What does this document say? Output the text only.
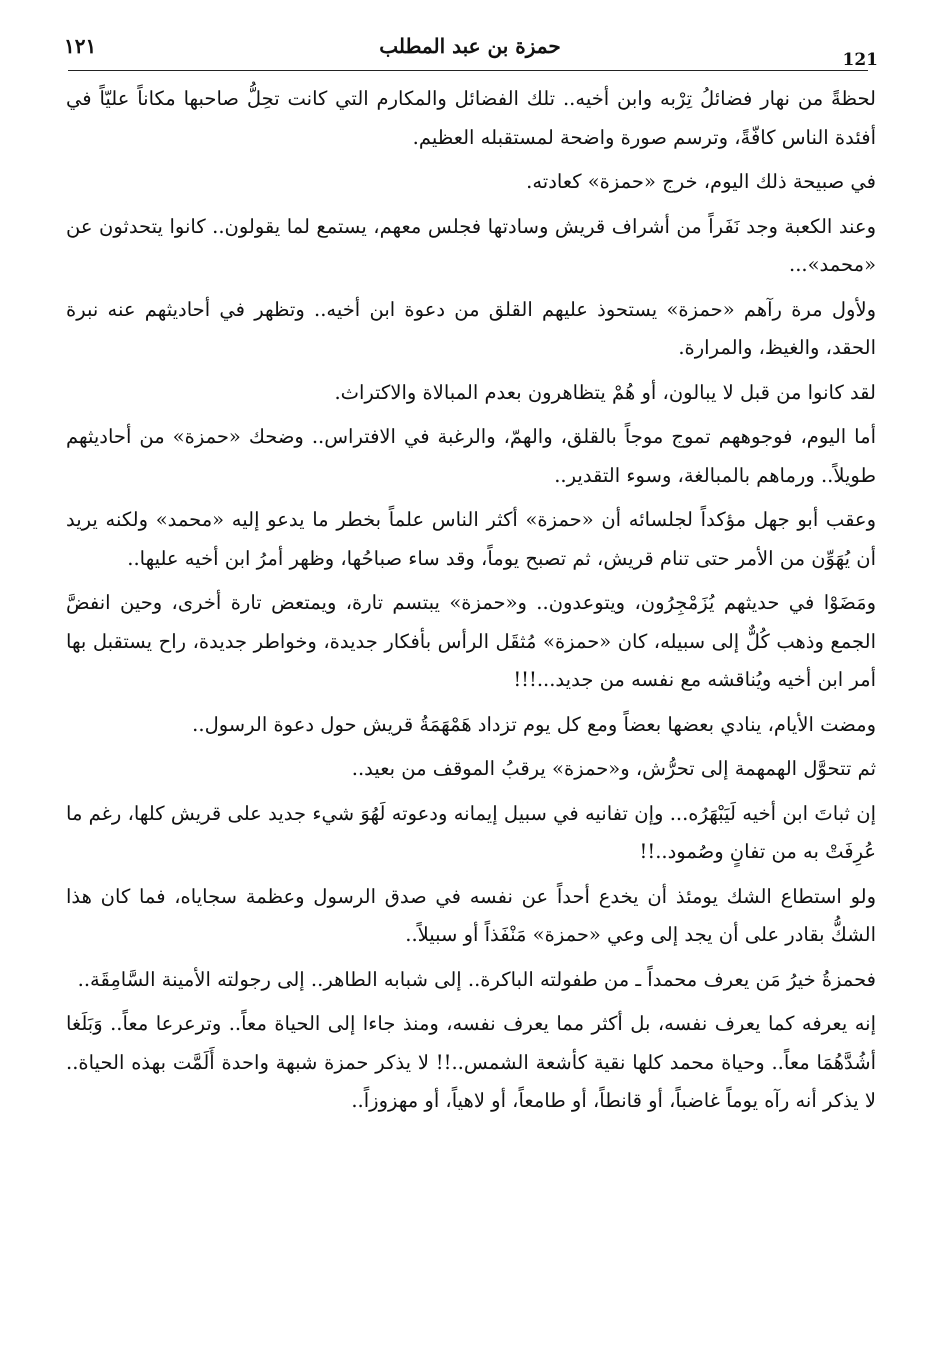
١٢١	حمزة بن عبد المطلب
121

لحظةً من نهار فضائلُ تِرْبه وابن أخيه.. تلك الفضائل والمكارم التي كانت تحِلُّ صاحبها مكاناً عليّاً في أفئدة الناس كافّةً، وترسم صورة واضحة لمستقبله العظيم.

في صبيحة ذلك اليوم، خرج «حمزة» كعادته.

وعند الكعبة وجد نَفَراً من أشراف قريش وسادتها فجلس معهم، يستمع لما يقولون.. كانوا يتحدثون عن «محمد»...

ولأول مرة رآهم «حمزة» يستحوذ عليهم القلق من دعوة ابن أخيه.. وتظهر في أحاديثهم عنه نبرة الحقد، والغيظ، والمرارة.

لقد كانوا من قبل لا يبالون، أو هُمْ يتظاهرون بعدم المبالاة والاكتراث.

أما اليوم، فوجوههم تموج موجاً بالقلق، والهمّ، والرغبة في الافتراس.. وضحك «حمزة» من أحاديثهم طويلاً.. ورماهم بالمبالغة، وسوء التقدير..

وعقب أبو جهل مؤكداً لجلسائه أن «حمزة» أكثر الناس علماً بخطر ما يدعو إليه «محمد» ولكنه يريد أن يُهَوِّن من الأمر حتى تنام قريش، ثم تصبح يوماً، وقد ساء صباحُها، وظهر أمرُ ابن أخيه عليها..

ومَضَوْا في حديثهم يُزَمْجِرُون، ويتوعدون.. و«حمزة» يبتسم تارة، ويمتعض تارة أخرى، وحين انفضَّ الجمع وذهب كُلٌّ إلى سبيله، كان «حمزة» مُثقَل الرأس بأفكار جديدة، وخواطر جديدة، راح يستقبل بها أمر ابن أخيه ويُناقشه مع نفسه من جديد...!!!

ومضت الأيام، ينادي بعضها بعضاً ومع كل يوم تزداد هَمْهَمَةُ قريش حول دعوة الرسول..

ثم تتحوَّل الهمهمة إلى تحرُّش، و«حمزة» يرقبُ الموقف من بعيد..

إن ثباتَ ابن أخيه لَيَبْهَرُه... وإن تفانيه في سبيل إيمانه ودعوته لَهُوَ شيء جديد على قريش كلها، رغم ما عُرِفَتْ به من تفانٍ وصُمود..!!

ولو استطاع الشك يومئذ أن يخدع أحداً عن نفسه في صدق الرسول وعظمة سجاياه، فما كان هذا الشكُّ بقادر على أن يجد إلى وعي «حمزة» مَنْفَذاً أو سبيلاً..

فحمزةُ خيرُ مَن يعرف محمداً ـ من طفولته الباكرة.. إلى شبابه الطاهر.. إلى رجولته الأمينة السَّامِقَة..

إنه يعرفه كما يعرف نفسه، بل أكثر مما يعرف نفسه، ومنذ جاءا إلى الحياة معاً.. وترعرعا معاً.. وَبَلَغا أشُدَّهُمَا معاً.. وحياة محمد كلها نقية كأشعة الشمس..!! لا يذكر حمزة شبهة واحدة أَلَمَّت بهذه الحياة.. لا يذكر أنه رآه يوماً غاضباً، أو قانطاً، أو طامعاً، أو لاهياً، أو مهزوزاً..
